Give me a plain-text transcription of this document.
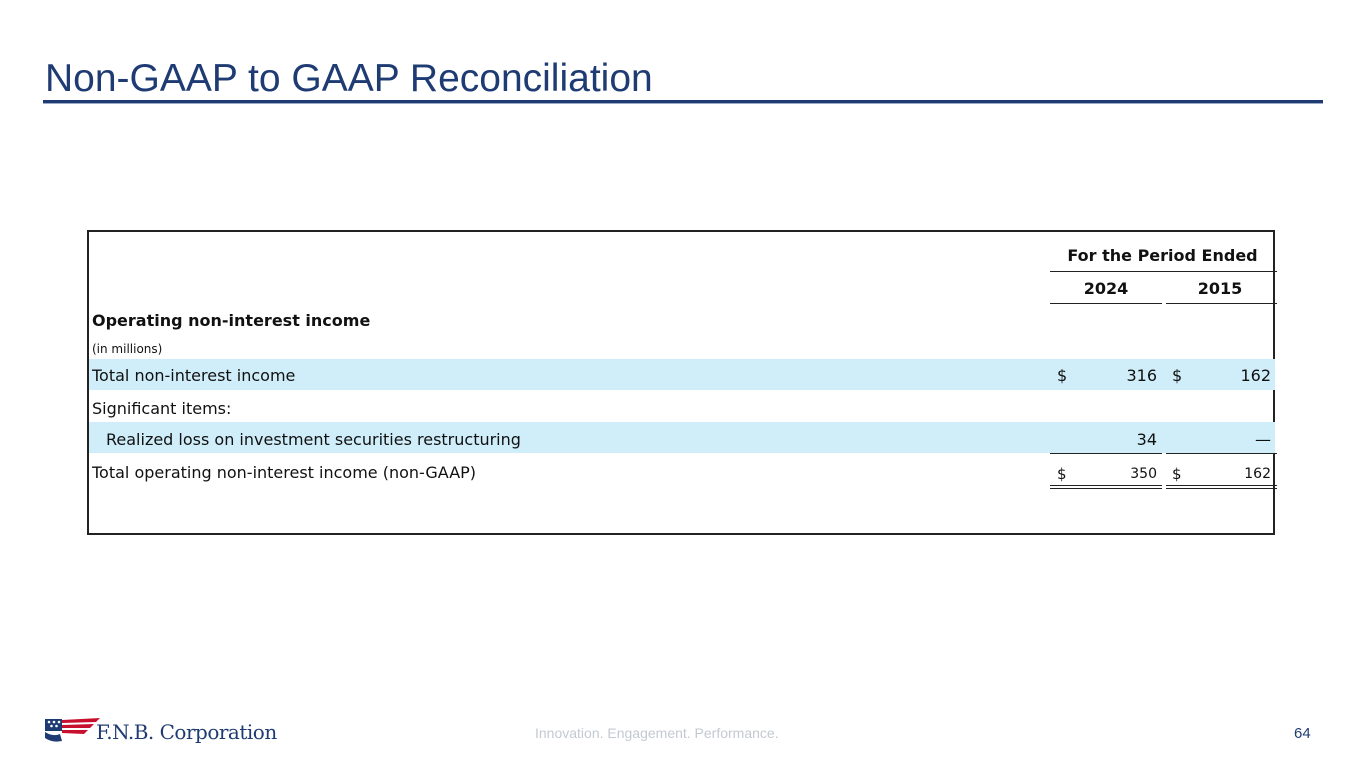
Non-GAAP to GAAP Reconciliation
For the Period Ended
2024	2015
Operating non-interest income
(in millions)
Total non-interest income	$	316 $	162
Significant items:
Realized loss on investment securities restructuring	34	—
Total operating non-interest income (non-GAAP)	$	350 $	162
F.N.B. Corporation	Innovation. Engagement. Performance.	64
